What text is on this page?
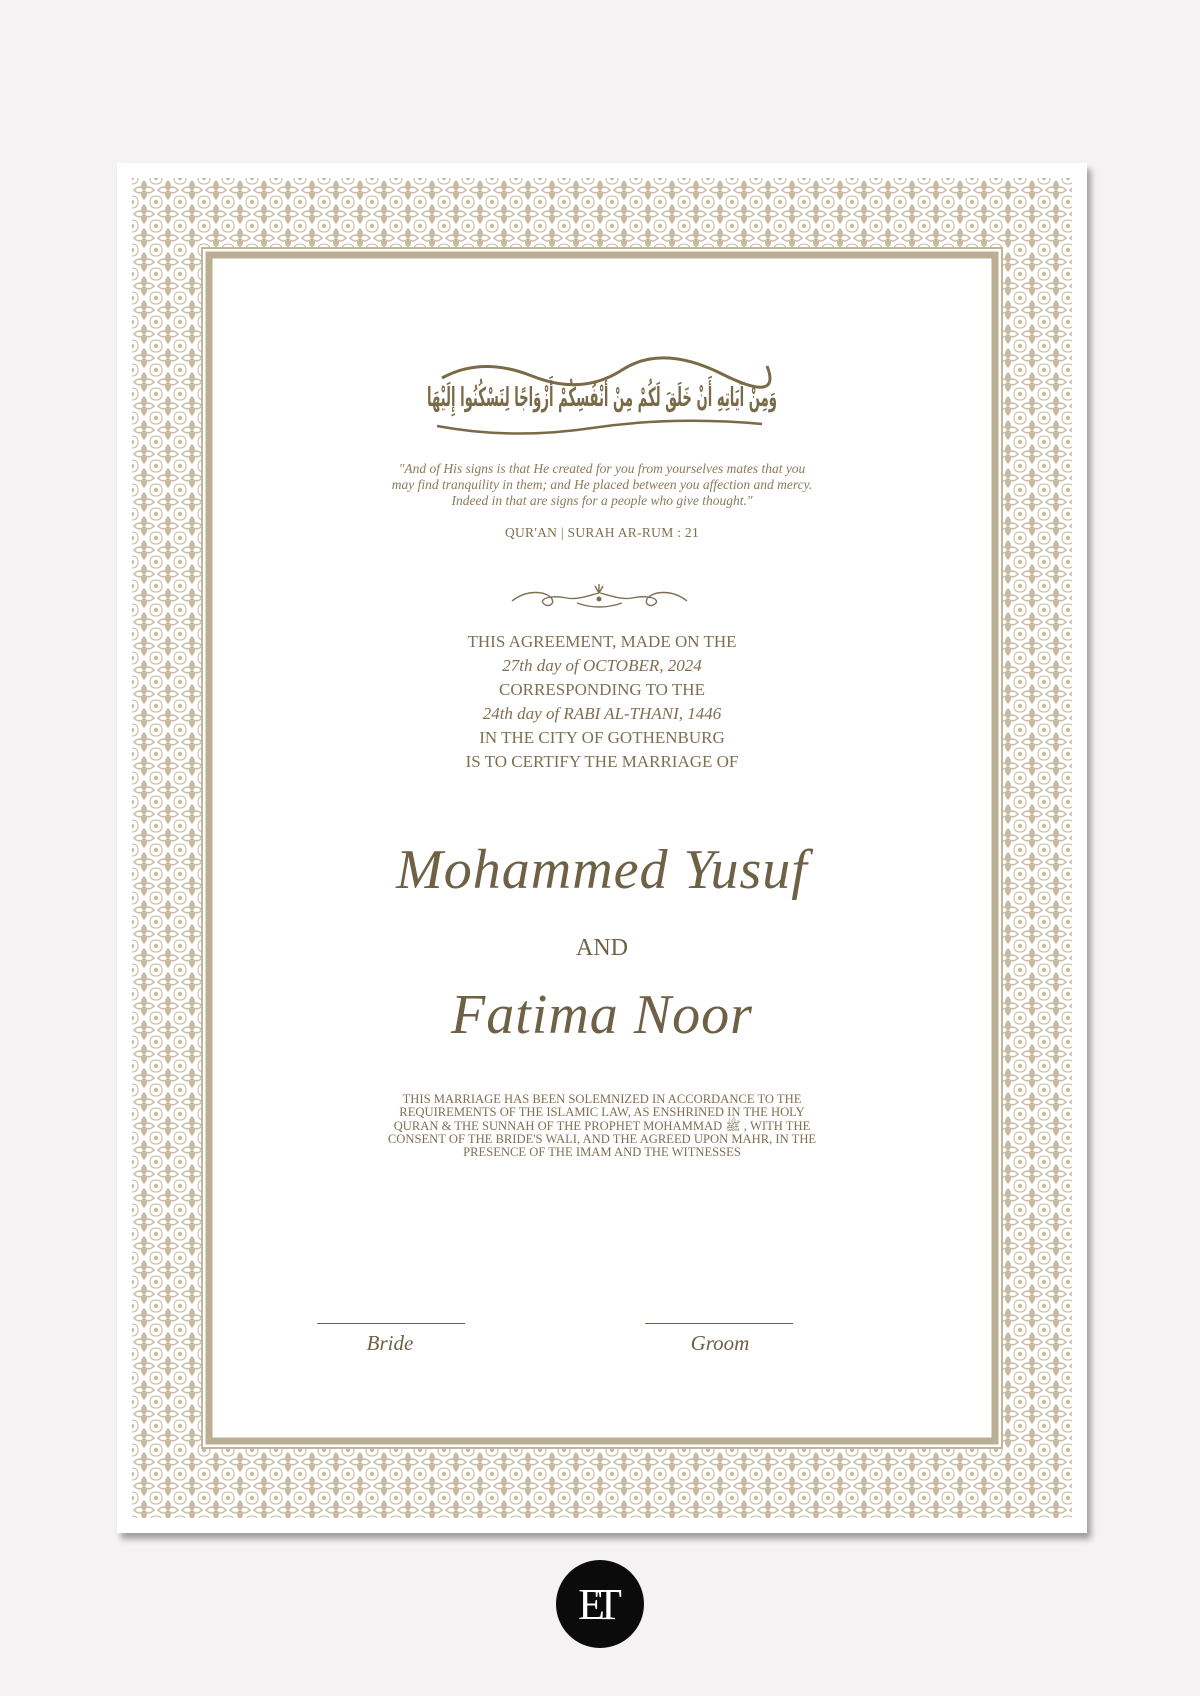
وَمِنْ آيَاتِهِ أَنْ خَلَقَ لَكُمْ مِنْ أَنْفُسِكُمْ أَزْوَاجًا لِتَسْكُنُوا إِلَيْهَا
"And of His signs is that He created for you from yourselves mates that you
may find tranquility in them; and He placed between you affection and mercy.
Indeed in that are signs for a people who give thought."
QUR'AN | SURAH AR-RUM : 21
THIS AGREEMENT, MADE ON THE
27th day of OCTOBER, 2024
CORRESPONDING TO THE
24th day of RABI AL-THANI, 1446
IN THE CITY OF GOTHENBURG
IS TO CERTIFY THE MARRIAGE OF
Mohammed Yusuf
AND
Fatima Noor
THIS MARRIAGE HAS BEEN SOLEMNIZED IN ACCORDANCE TO THE
REQUIREMENTS OF THE ISLAMIC LAW, AS ENSHRINED IN THE HOLY
QURAN & THE SUNNAH OF THE PROPHET MOHAMMAD ﷺ , WITH THE
CONSENT OF THE BRIDE'S WALI, AND THE AGREED UPON MAHR, IN THE
PRESENCE OF THE IMAM AND THE WITNESSES
Bride	Groom
ET
